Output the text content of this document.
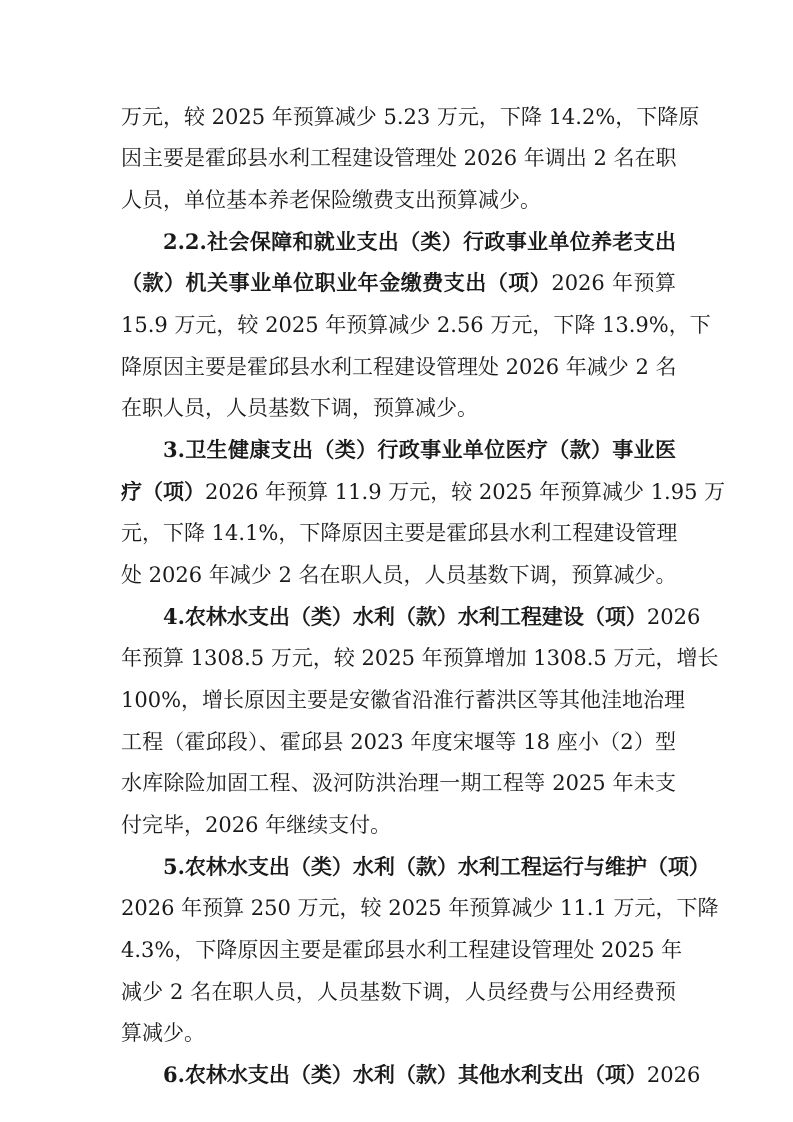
万元，较 2025 年预算减少 5.23 万元，下降 14.2%，下降原
因主要是霍邱县水利工程建设管理处 2026 年调出 2 名在职
人员，单位基本养老保险缴费支出预算减少。
2.2.社会保障和就业支出（类）行政事业单位养老支出
（款）机关事业单位职业年金缴费支出（项）2026 年预算
15.9 万元，较 2025 年预算减少 2.56 万元，下降 13.9%，下
降原因主要是霍邱县水利工程建设管理处 2026 年减少 2 名
在职人员，人员基数下调，预算减少。
3.卫生健康支出（类）行政事业单位医疗（款）事业医
疗（项）2026 年预算 11.9 万元，较 2025 年预算减少 1.95 万
元，下降 14.1%，下降原因主要是霍邱县水利工程建设管理
处 2026 年减少 2 名在职人员，人员基数下调，预算减少。
4.农林水支出（类）水利（款）水利工程建设（项）2026
年预算 1308.5 万元，较 2025 年预算增加 1308.5 万元，增长
100%，增长原因主要是安徽省沿淮行蓄洪区等其他洼地治理
工程（霍邱段）、霍邱县 2023 年度宋堰等 18 座小（2）型
水库除险加固工程、汲河防洪治理一期工程等 2025 年未支
付完毕，2026 年继续支付。
5.农林水支出（类）水利（款）水利工程运行与维护（项）
2026 年预算 250 万元，较 2025 年预算减少 11.1 万元，下降
4.3%，下降原因主要是霍邱县水利工程建设管理处 2025 年
减少 2 名在职人员，人员基数下调，人员经费与公用经费预
算减少。
6.农林水支出（类）水利（款）其他水利支出（项）2026
